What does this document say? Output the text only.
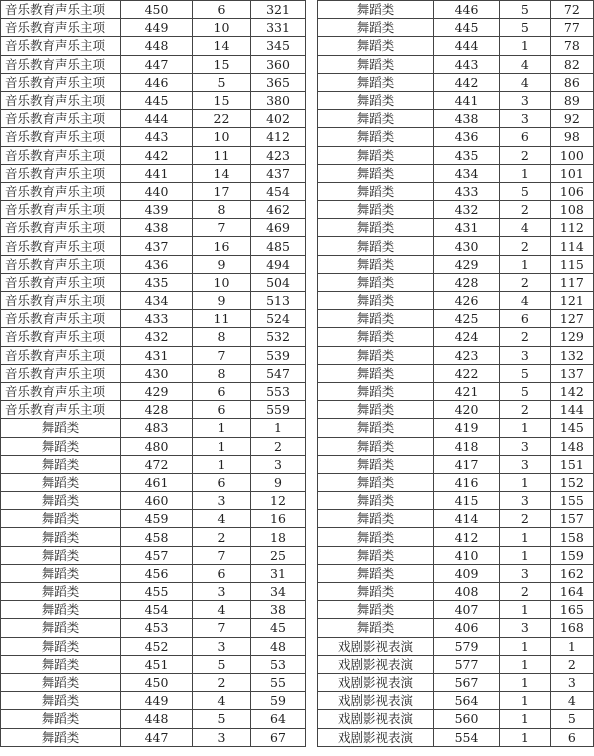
音乐教育声乐主项	450	6	321
音乐教育声乐主项	449	10	331
音乐教育声乐主项	448	14	345
音乐教育声乐主项	447	15	360
音乐教育声乐主项	446	5	365
音乐教育声乐主项	445	15	380
音乐教育声乐主项	444	22	402
音乐教育声乐主项	443	10	412
音乐教育声乐主项	442	11	423
音乐教育声乐主项	441	14	437
音乐教育声乐主项	440	17	454
音乐教育声乐主项	439	8	462
音乐教育声乐主项	438	7	469
音乐教育声乐主项	437	16	485
音乐教育声乐主项	436	9	494
音乐教育声乐主项	435	10	504
音乐教育声乐主项	434	9	513
音乐教育声乐主项	433	11	524
音乐教育声乐主项	432	8	532
音乐教育声乐主项	431	7	539
音乐教育声乐主项	430	8	547
音乐教育声乐主项	429	6	553
音乐教育声乐主项	428	6	559
舞蹈类	483	1	1
舞蹈类	480	1	2
舞蹈类	472	1	3
舞蹈类	461	6	9
舞蹈类	460	3	12
舞蹈类	459	4	16
舞蹈类	458	2	18
舞蹈类	457	7	25
舞蹈类	456	6	31
舞蹈类	455	3	34
舞蹈类	454	4	38
舞蹈类	453	7	45
舞蹈类	452	3	48
舞蹈类	451	5	53
舞蹈类	450	2	55
舞蹈类	449	4	59
舞蹈类	448	5	64
舞蹈类	447	3	67
舞蹈类	446	5	72
舞蹈类	445	5	77
舞蹈类	444	1	78
舞蹈类	443	4	82
舞蹈类	442	4	86
舞蹈类	441	3	89
舞蹈类	438	3	92
舞蹈类	436	6	98
舞蹈类	435	2	100
舞蹈类	434	1	101
舞蹈类	433	5	106
舞蹈类	432	2	108
舞蹈类	431	4	112
舞蹈类	430	2	114
舞蹈类	429	1	115
舞蹈类	428	2	117
舞蹈类	426	4	121
舞蹈类	425	6	127
舞蹈类	424	2	129
舞蹈类	423	3	132
舞蹈类	422	5	137
舞蹈类	421	5	142
舞蹈类	420	2	144
舞蹈类	419	1	145
舞蹈类	418	3	148
舞蹈类	417	3	151
舞蹈类	416	1	152
舞蹈类	415	3	155
舞蹈类	414	2	157
舞蹈类	412	1	158
舞蹈类	410	1	159
舞蹈类	409	3	162
舞蹈类	408	2	164
舞蹈类	407	1	165
舞蹈类	406	3	168
戏剧影视表演	579	1	1
戏剧影视表演	577	1	2
戏剧影视表演	567	1	3
戏剧影视表演	564	1	4
戏剧影视表演	560	1	5
戏剧影视表演	554	1	6
